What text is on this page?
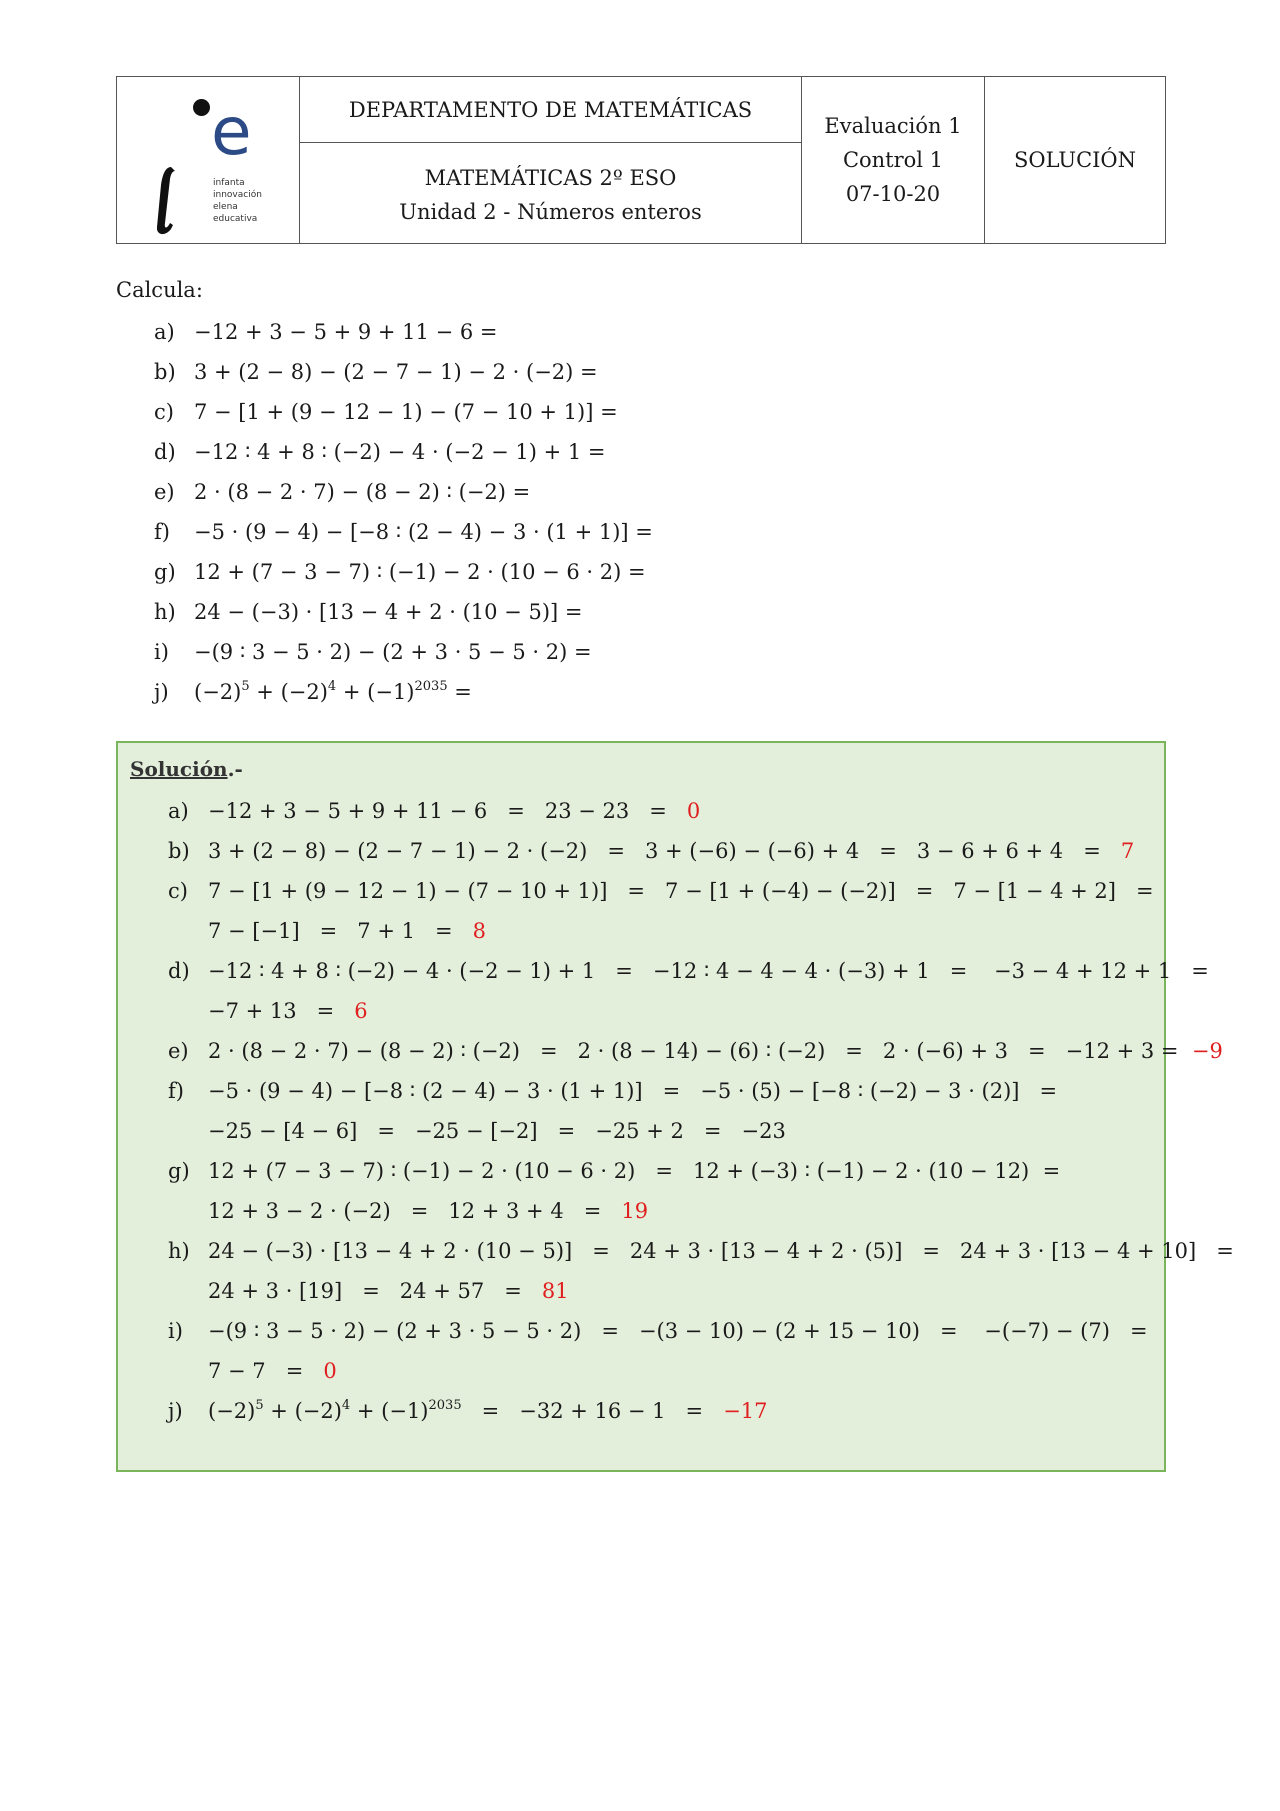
e
infanta
innovación
elena
educativa
DEPARTAMENTO DE MATEMÁTICAS
MATEMÁTICAS 2º ESO
Unidad 2 - Números enteros
Evaluación 1
Control 1
07-10-20
SOLUCIÓN
Calcula:
a) −12 + 3 − 5 + 9 + 11 − 6 =
b) 3 + (2 − 8) − (2 − 7 − 1) − 2 · (−2) =
c) 7 − [1 + (9 − 12 − 1) − (7 − 10 + 1)] =
d) −12 ∶ 4 + 8 ∶ (−2) − 4 · (−2 − 1) + 1 =
e) 2 · (8 − 2 · 7) − (8 − 2) ∶ (−2) =
f)	−5 · (9 − 4) − [−8 ∶ (2 − 4) − 3 · (1 + 1)] =
g) 12 + (7 − 3 − 7) ∶ (−1) − 2 · (10 − 6 · 2) =
h) 24 − (−3) · [13 − 4 + 2 · (10 − 5)] =
i)	−(9 ∶ 3 − 5 · 2) − (2 + 3 · 5 − 5 · 2) =
j)	$(-2)^5 + (-2)^4 + (-1)^{2035}$ =
Solución.-
a) −12 + 3 − 5 + 9 + 11 − 6   =   23 − 23   =   0
b) 3 + (2 − 8) − (2 − 7 − 1) − 2 · (−2)   =   3 + (−6) − (−6) + 4   =   3 − 6 + 6 + 4   =   7
c) 7 − [1 + (9 − 12 − 1) − (7 − 10 + 1)]   =   7 − [1 + (−4) − (−2)]   =   7 − [1 − 4 + 2]   =
7 − [−1]   =   7 + 1   =   8
d) −12 ∶ 4 + 8 ∶ (−2) − 4 · (−2 − 1) + 1   =   −12 ∶ 4 − 4 − 4 · (−3) + 1   =    −3 − 4 + 12 + 1   =
−7 + 13   =   6
e) 2 · (8 − 2 · 7) − (8 − 2) ∶ (−2)   =   2 · (8 − 14) − (6) ∶ (−2)   =   2 · (−6) + 3   =   −12 + 3 =  −9
f)	−5 · (9 − 4) − [−8 ∶ (2 − 4) − 3 · (1 + 1)]   =   −5 · (5) − [−8 ∶ (−2) − 3 · (2)]   =
−25 − [4 − 6]   =   −25 − [−2]   =   −25 + 2   =   −23
g) 12 + (7 − 3 − 7) ∶ (−1) − 2 · (10 − 6 · 2)   =   12 + (−3) ∶ (−1) − 2 · (10 − 12)  =
12 + 3 − 2 · (−2)   =   12 + 3 + 4   =   19
h) 24 − (−3) · [13 − 4 + 2 · (10 − 5)]   =   24 + 3 · [13 − 4 + 2 · (5)]   =   24 + 3 · [13 − 4 + 10]   =
24 + 3 · [19]   =   24 + 57   =   81
i)	−(9 ∶ 3 − 5 · 2) − (2 + 3 · 5 − 5 · 2)   =   −(3 − 10) − (2 + 15 − 10)   =    −(−7) − (7)   =
7 − 7   =   0
j)	$(-2)^5 + (-2)^4 + (-1)^{2035} = -32 + 16 - 1 = -17$
